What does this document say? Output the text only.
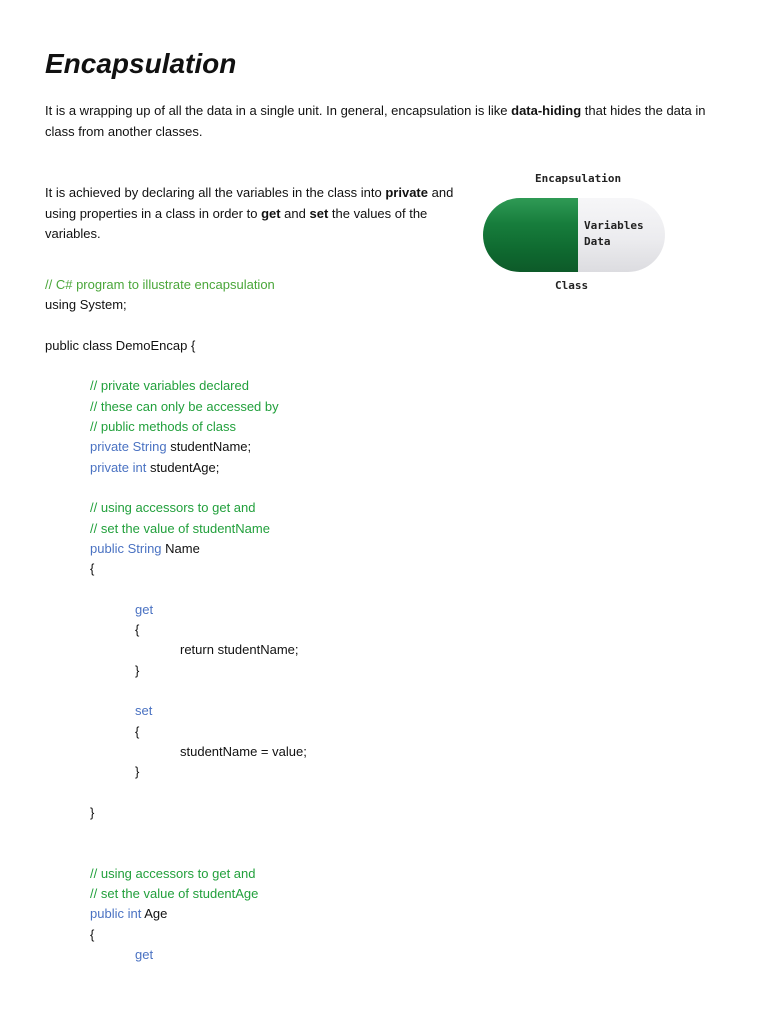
Encapsulation

It is a wrapping up of all the data in a single unit. In general, encapsulation is like data-hiding that hides the data in class from another classes.

It is achieved by declaring all the variables in the class into private and using properties in a class in order to get and set the values of the variables.

Encapsulation
Variables
Data
Class
// C# program to illustrate encapsulation
using System;
public class DemoEncap {
// private variables declared
// these can only be accessed by
// public methods of class
private String studentName;
private int studentAge;
// using accessors to get and
// set the value of studentName
public String Name
{
get
{
return studentName;
}
set
{
studentName = value;
}
}
// using accessors to get and
// set the value of studentAge
public int Age
{
get
